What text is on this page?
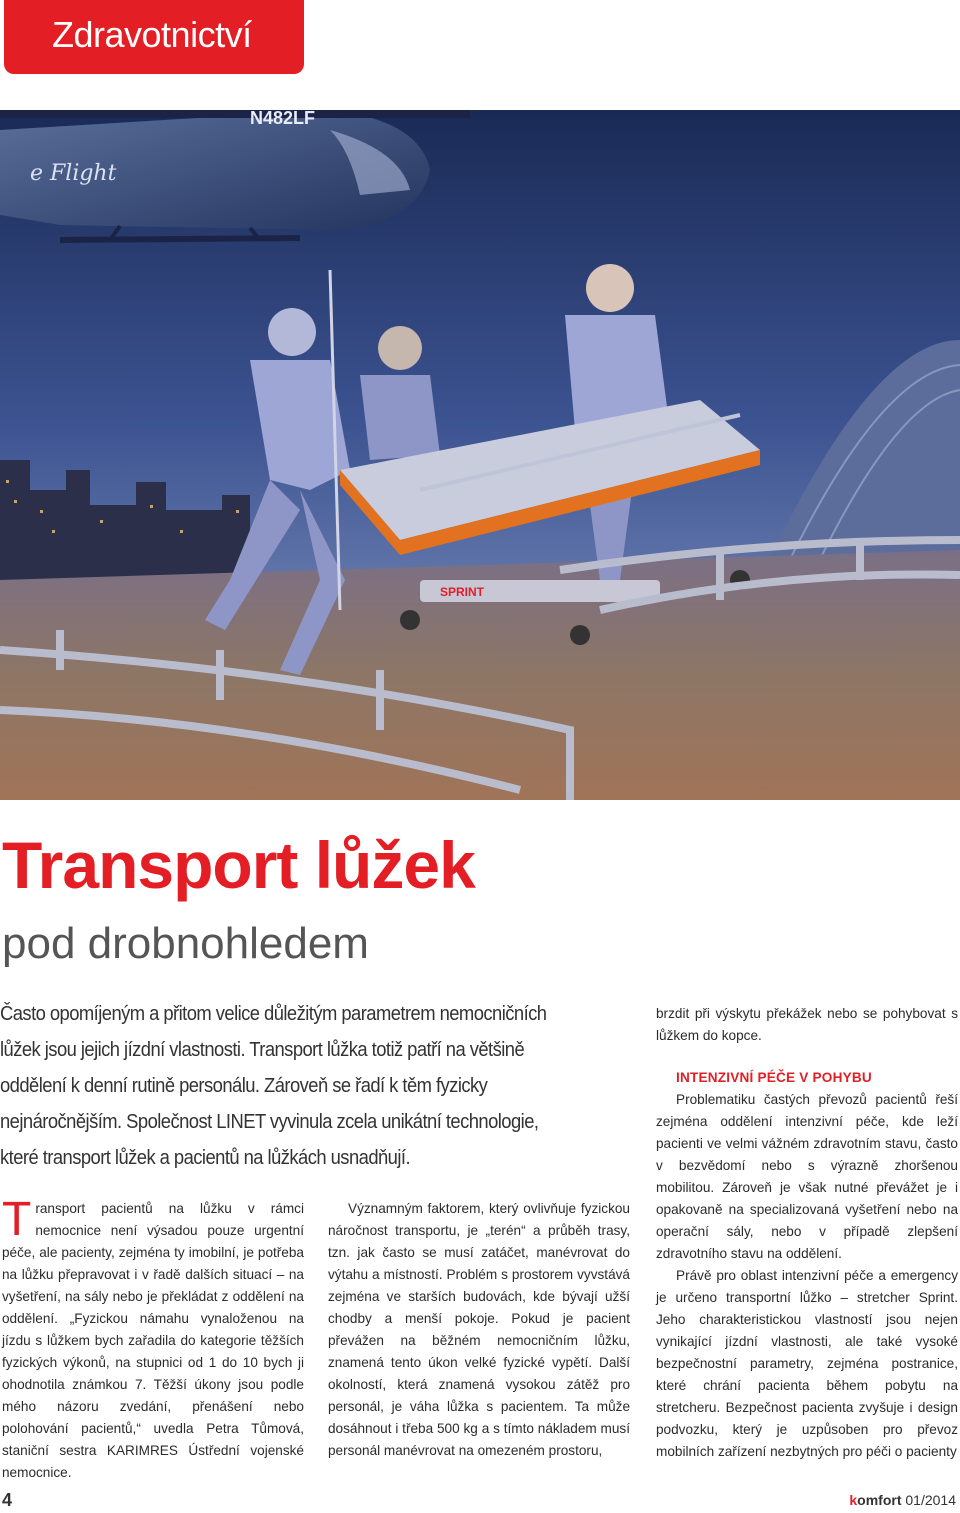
Zdravotnictví
N482LF
e Flight
SPRINT
Transport lůžek
pod drobnohledem

Často opomíjeným a přitom velice důležitým parametrem nemocničních lůžek jsou jejich jízdní vlastnosti. Transport lůžka totiž patří na většině oddělení k denní rutině personálu. Zároveň se řadí k těm fyzicky nejnáročnějším. Společnost LINET vyvinula zcela unikátní technologie, které transport lůžek a pacientů na lůžkách usnadňují.

T ransport pacientů na lůžku v rámci nemocnice není výsadou pouze urgentní péče, ale pacienty, zejména ty imobilní, je potřeba na lůžku přepravovat i v řadě dalších situací – na vyšetření, na sály nebo je překládat z oddělení na oddělení. „Fyzickou námahu vynaloženou na jízdu s lůžkem bych zařadila do kategorie těžších fyzických výkonů, na stupnici od 1 do 10 bych ji ohodnotila známkou 7. Těžší úkony jsou podle mého názoru zvedání, přenášení nebo polohování pacientů,“ uvedla Petra Tůmová, staniční sestra KARIMRES Ústřední vojenské nemocnice.

Významným faktorem, který ovlivňuje fyzickou náročnost transportu, je „terén“ a průběh trasy, tzn. jak často se musí zatáčet, manévrovat do výtahu a místností. Problém s prostorem vyvstává zejména ve starších budovách, kde bývají užší chodby a menší pokoje. Pokud je pacient převážen na běžném nemocničním lůžku, znamená tento úkon velké fyzické vypětí. Další okolností, která znamená vysokou zátěž pro personál, je váha lůžka s pacientem. Ta může dosáhnout i třeba 500 kg a s tímto nákladem musí personál manévrovat na omezeném prostoru,

brzdit při výskytu překážek nebo se pohybovat s lůžkem do kopce.

INTENZIVNÍ PÉČE V POHYBU

Problematiku častých převozů pacientů řeší zejména oddělení intenzivní péče, kde leží pacienti ve velmi vážném zdravotním stavu, často v bezvědomí nebo s výrazně zhoršenou mobilitou. Zároveň je však nutné převážet je i opakovaně na specializovaná vyšetření nebo na operační sály, nebo v případě zlepšení zdravotního stavu na oddělení.

Právě pro oblast intenzivní péče a emergency je určeno transportní lůžko – stretcher Sprint. Jeho charakteristickou vlastností jsou nejen vynikající jízdní vlastnosti, ale také vysoké bezpečnostní parametry, zejména postranice, které chrání pacienta během pobytu na stretcheru. Bezpečnost pacienta zvyšuje i design podvozku, který je uzpůsoben pro převoz mobilních zařízení nezbytných pro péči o pacienty

4	komfort 01/2014
